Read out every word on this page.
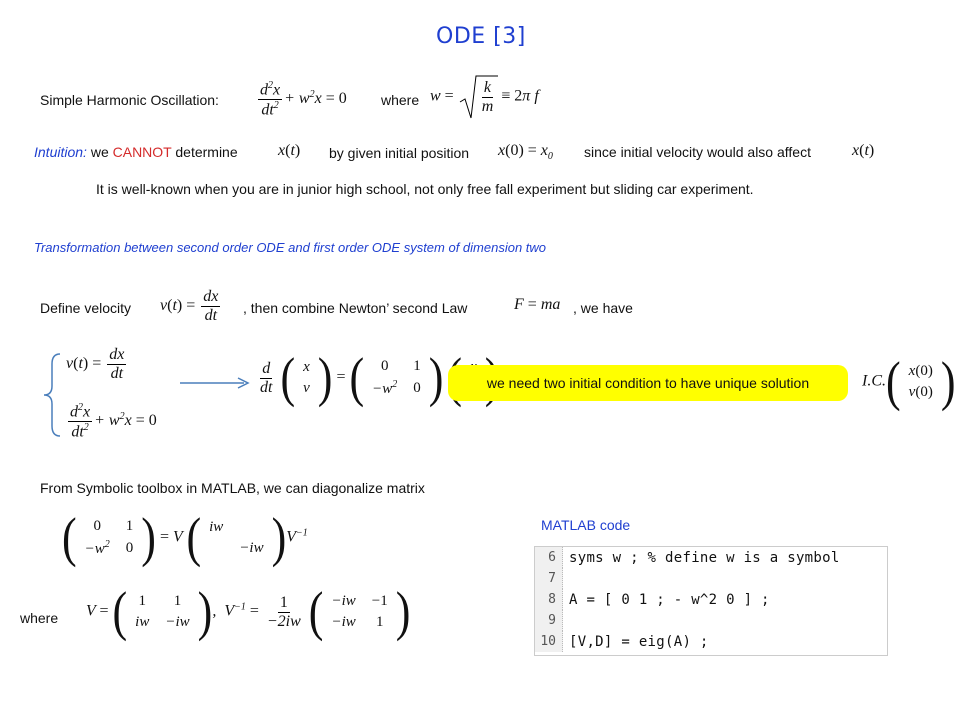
ODE [3]
Simple Harmonic Oscillation: $\frac{d^2x}{dt^2} + w^2x = 0$ where $w = \frac{k}{m} \equiv 2\pi$ f
Intuition: we CANNOT determine	x(t) by given initial position $x(0) = x_0$ since initial velocity would also affect	x(t)
It is well-known when you are in junior high school, not only free fall experiment but sliding car experiment.
Transformation between second order ODE and first order ODE system of dimension two
Define velocity $v(t) = \frac{dx}{dt}$ , then combine Newton’ second Law	F = ma , we have
$v(t) = \frac{dx}{dt}$
$\frac{d^2x}{dt^2} + w^2x = 0$
$\frac{d}{dt}$
( x
v ) = ( 0	1
$-w^2$	0 )
	we need two initial condition to have unique solution	I.C. ( x(0)
v(0) )
From Symbolic toolbox in MATLAB, we can diagonalize matrix
( 0	1
$-w^2$	0 ) = V ( iw	
	−iw ) $V^{-1}$	MATLAB code
6 syms w ; % define w is a symbol
7
8 A = [ 0 1 ; - w^2 0 ] ;
9
10 [V,D] = eig(A) ;
where V = ( 1	1
iw	−iw ) ,  $V^{-1} = \frac{1}{-2iw}$
( −iw	−1
−iw	1 )
